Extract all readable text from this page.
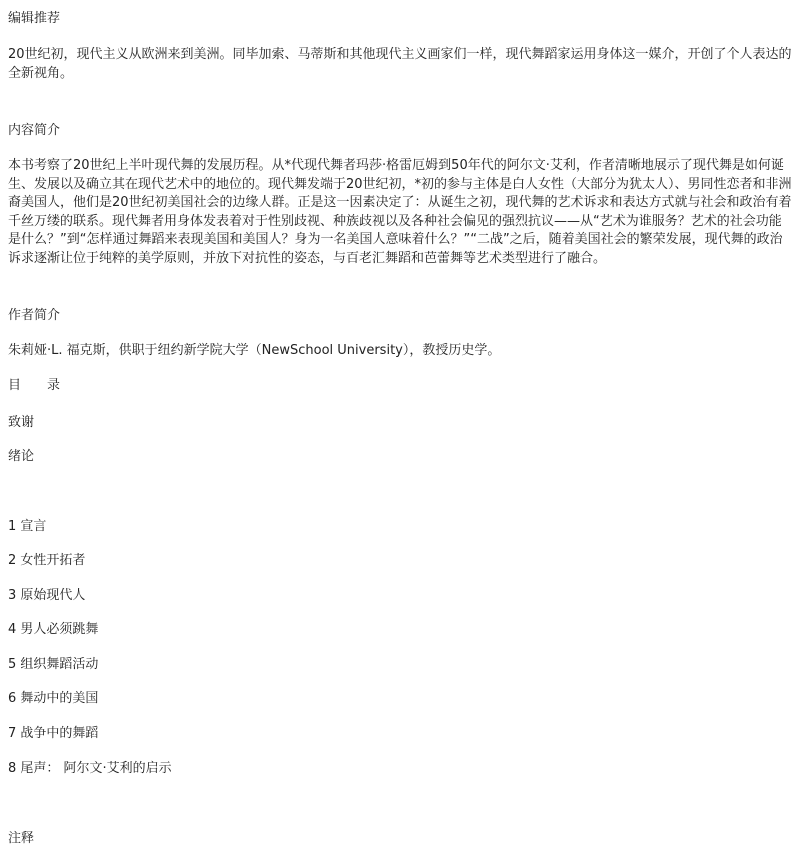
编辑推荐

20世纪初，现代主义从欧洲来到美洲。同毕加索、马蒂斯和其他现代主义画家们一样，现代舞蹈家运用身体这一媒介，开创了个人表达的全新视角。

内容简介

本书考察了20世纪上半叶现代舞的发展历程。从*代现代舞者玛莎·格雷厄姆到50年代的阿尔文·艾利，作者清晰地展示了现代舞是如何诞生、发展以及确立其在现代艺术中的地位的。现代舞发端于20世纪初，*初的参与主体是白人女性（大部分为犹太人）、男同性恋者和非洲裔美国人，他们是20世纪初美国社会的边缘人群。正是这一因素决定了：从诞生之初，现代舞的艺术诉求和表达方式就与社会和政治有着千丝万缕的联系。现代舞者用身体发表着对于性别歧视、种族歧视以及各种社会偏见的强烈抗议——从“艺术为谁服务？艺术的社会功能是什么？”到“怎样通过舞蹈来表现美国和美国人？身为一名美国人意味着什么？”“二战”之后，随着美国社会的繁荣发展，现代舞的政治诉求逐渐让位于纯粹的美学原则，并放下对抗性的姿态，与百老汇舞蹈和芭蕾舞等艺术类型进行了融合。

作者简介
朱莉娅·L. 福克斯，供职于纽约新学院大学（NewSchool University），教授历史学。
目 录
致谢
绪论
1 宣言
2 女性开拓者
3 原始现代人
4 男人必须跳舞
5 组织舞蹈活动
6 舞动中的美国
7 战争中的舞蹈
8 尾声： 阿尔文·艾利的启示
注释
